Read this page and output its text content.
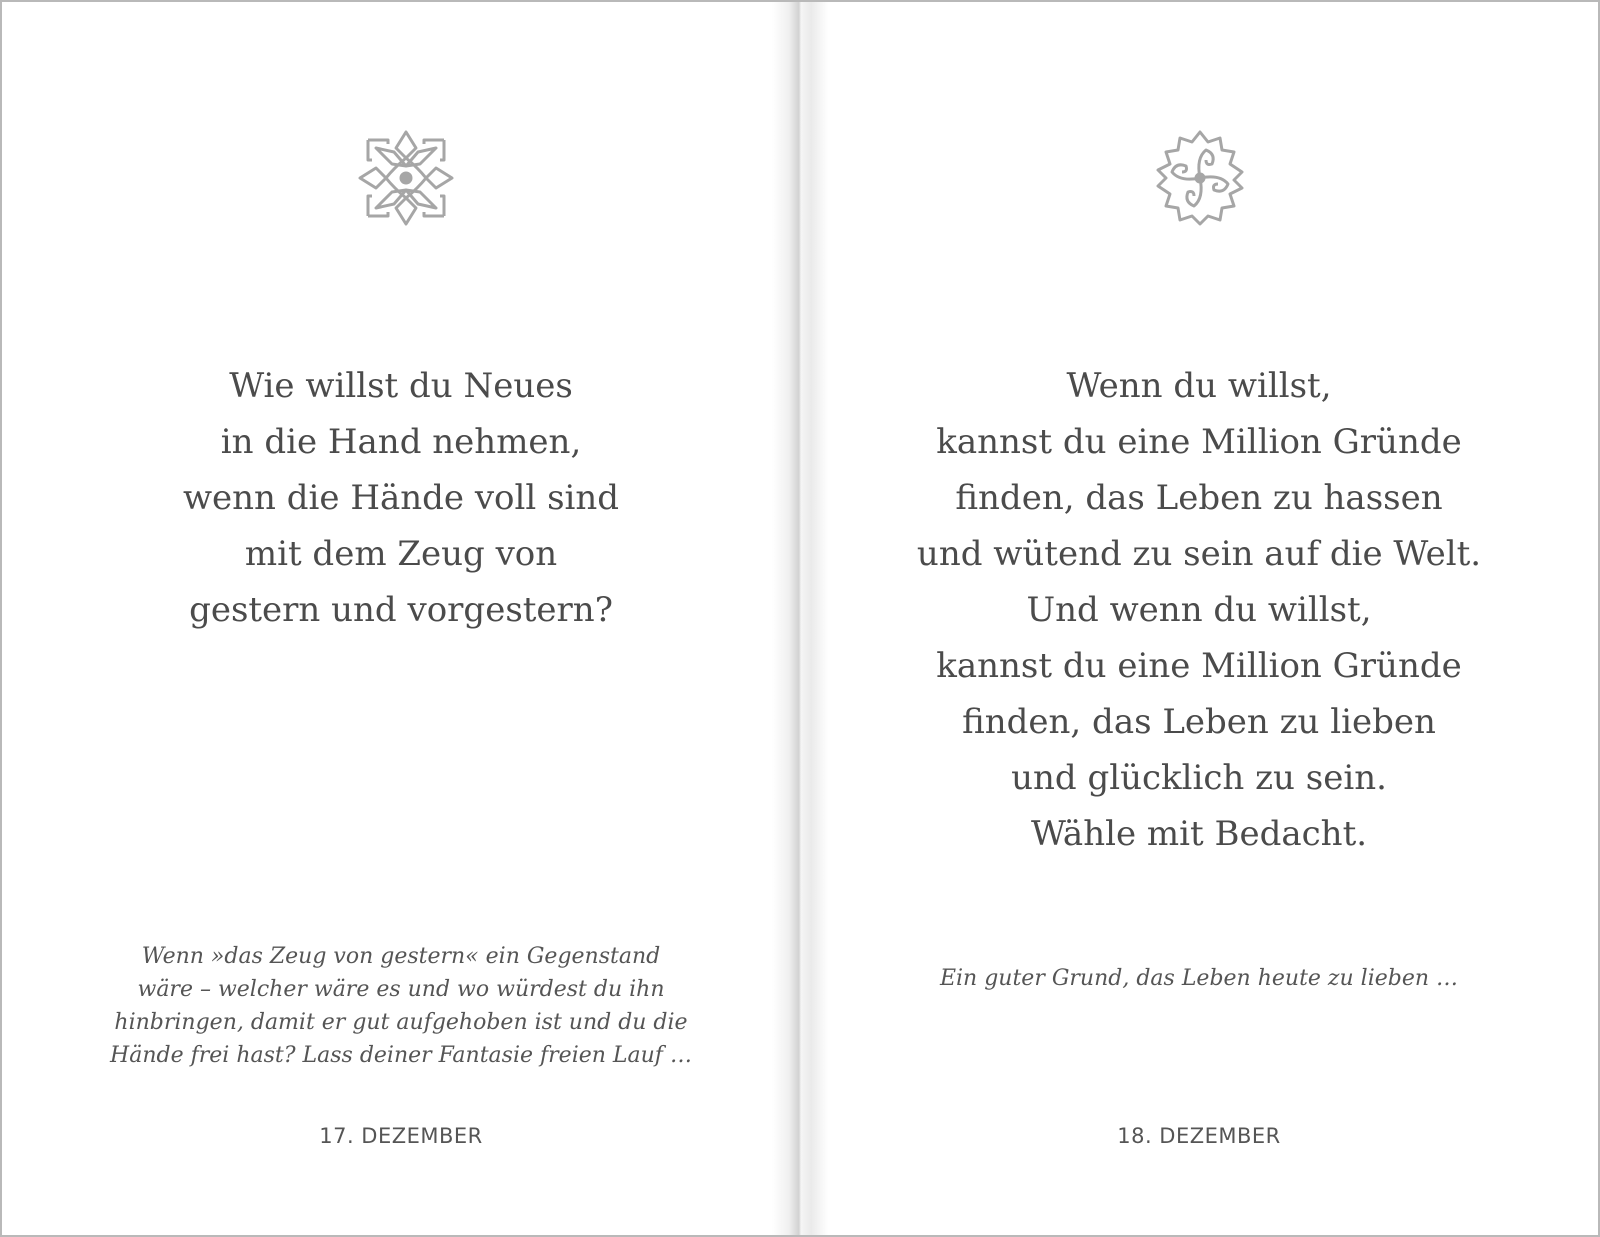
Wie willst du Neues
in die Hand nehmen,
wenn die Hände voll sind
mit dem Zeug von
gestern und vorgestern?
Wenn »das Zeug von gestern« ein Gegenstand
wäre – welcher wäre es und wo würdest du ihn
hinbringen, damit er gut aufgehoben ist und du die
Hände frei hast? Lass deiner Fantasie freien Lauf …
17. DEZEMBER
Wenn du willst,
kannst du eine Million Gründe
finden, das Leben zu hassen
und wütend zu sein auf die Welt.
Und wenn du willst,
kannst du eine Million Gründe
finden, das Leben zu lieben
und glücklich zu sein.
Wähle mit Bedacht.
Ein guter Grund, das Leben heute zu lieben …
18. DEZEMBER
